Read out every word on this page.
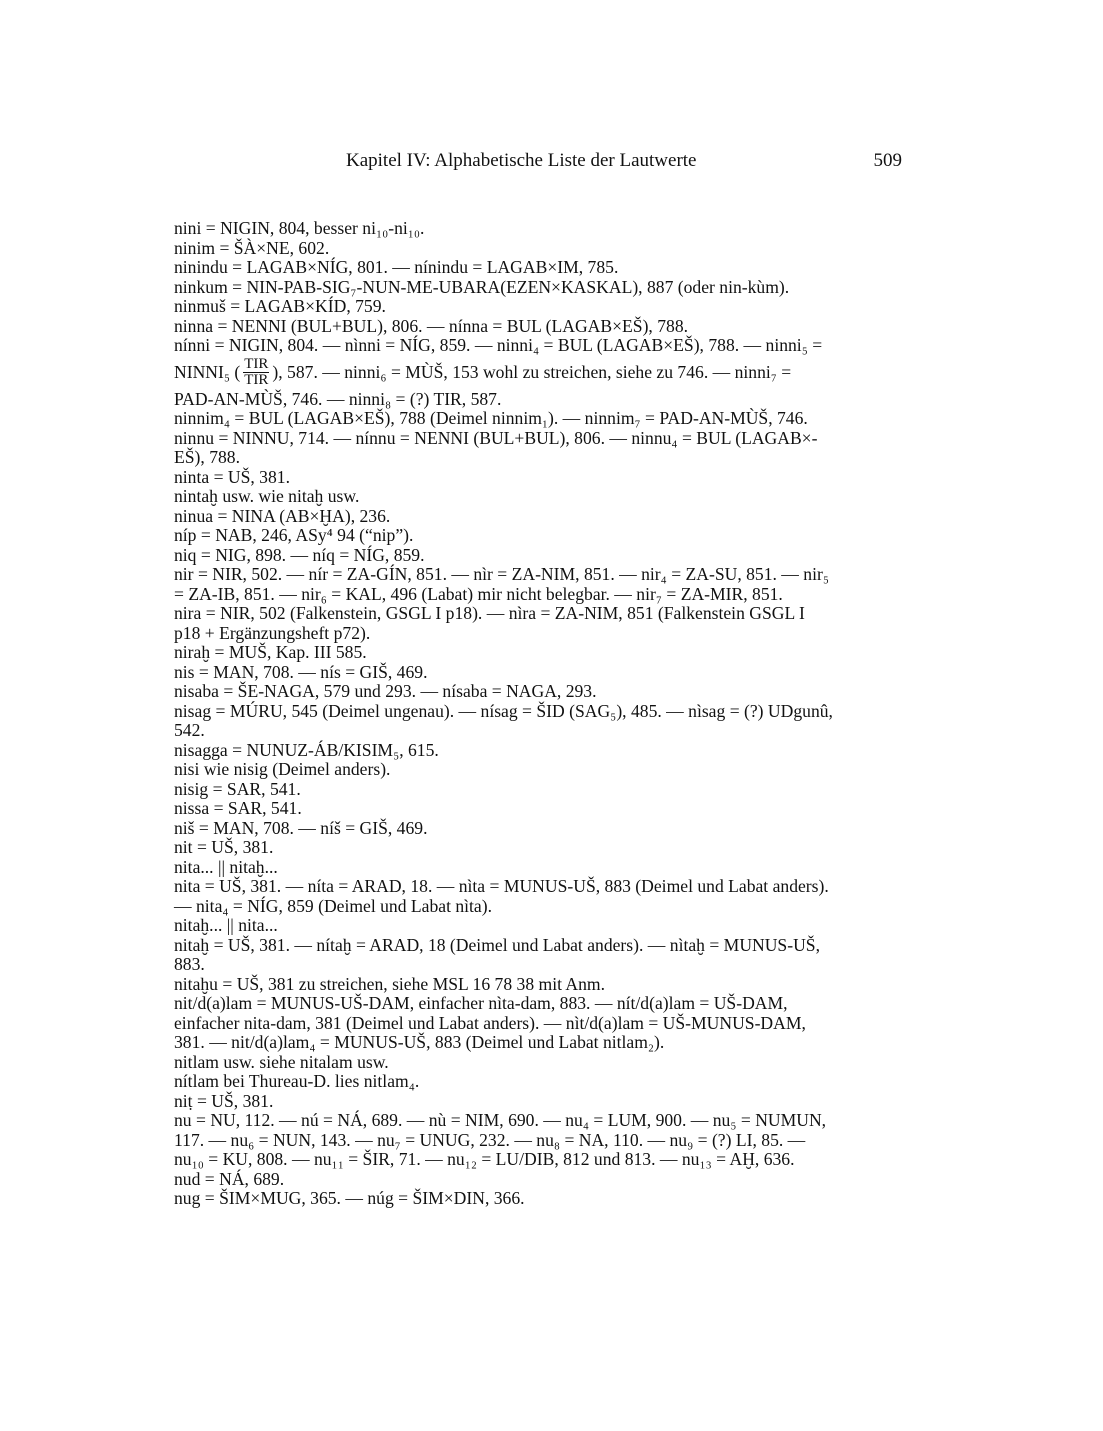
Kapitel IV: Alphabetische Liste der Lautwerte	509
nini = NIGIN, 804, besser ni₁₀-ni₁₀.
ninim = ŠÀ×NE, 602.
ninindu = LAGAB×NÍG, 801. — nínindu = LAGAB×IM, 785.
ninkum = NIN-PAB-SIG₇-NUN-ME-UBARA(EZEN×KASKAL), 887 (oder nin-kùm).
ninmuš = LAGAB×KÍD, 759.
ninna = NENNI (BUL+BUL), 806. — nínna = BUL (LAGAB×EŠ), 788.
nínni = NIGIN, 804. — nìnni = NÍG, 859. — ninni₄ = BUL (LAGAB×EŠ), 788. — ninni₅ =
NINNI₅ ( $\frac{\text{TIR}}{\text{TIR}}$ ), 587. — ninni₆ = MÙŠ, 153 wohl zu streichen, siehe zu 746. — ninni₇ =
PAD-AN-MÙŠ, 746. — ninni₈ = (?) TIR, 587.
ninnim₄ = BUL (LAGAB×EŠ), 788 (Deimel ninnim₁). — ninnim₇ = PAD-AN-MÙŠ, 746.
ninnu = NINNU, 714. — nínnu = NENNI (BUL+BUL), 806. — ninnu₄ = BUL (LAGAB×-
EŠ), 788.
ninta = UŠ, 381.
nintaḫ usw. wie nitaḫ usw.
ninua = NINA (AB×ḪA), 236.
níp = NAB, 246, ASy⁴ 94 (“nip”).
niq = NIG, 898. — níq = NÍG, 859.
nir = NIR, 502. — nír = ZA-GÍN, 851. — nìr = ZA-NIM, 851. — nir₄ = ZA-SU, 851. — nir₅
= ZA-IB, 851. — nir₆ = KAL, 496 (Labat) mir nicht belegbar. — nir₇ = ZA-MIR, 851.
nira = NIR, 502 (Falkenstein, GSGL I p18). — nìra = ZA-NIM, 851 (Falkenstein GSGL I
p18 + Ergänzungsheft p72).
niraḫ = MUŠ, Kap. III 585.
nis = MAN, 708. — nís = GIŠ, 469.
nisaba = ŠE-NAGA, 579 und 293. — nísaba = NAGA, 293.
nisag = MÚRU, 545 (Deimel ungenau). — nísag = ŠID (SAG₅), 485. — nìsag = (?) UDgunû,
542.
nisagga = NUNUZ-ÁB/KISIM₅, 615.
nisi wie nisig (Deimel anders).
nisig = SAR, 541.
nissa = SAR, 541.
niš = MAN, 708. — níš = GIŠ, 469.
nit = UŠ, 381.
nita... || nitaḫ...
nita = UŠ, 381. — níta = ARAD, 18. — nìta = MUNUS-UŠ, 883 (Deimel und Labat anders).
— nita₄ = NÍG, 859 (Deimel und Labat nìta).
nitaḫ... || nita...
nitaḫ = UŠ, 381. — nítaḫ = ARAD, 18 (Deimel und Labat anders). — nìtaḫ = MUNUS-UŠ,
883.
nitaḫu = UŠ, 381 zu streichen, siehe MSL 16 78 38 mit Anm.
nit/d(a)lam = MUNUS-UŠ-DAM, einfacher nìta-dam, 883. — nít/d(a)lam = UŠ-DAM,
einfacher nita-dam, 381 (Deimel und Labat anders). — nìt/d(a)lam = UŠ-MUNUS-DAM,
381. — nit/d(a)lam₄ = MUNUS-UŠ, 883 (Deimel und Labat nitlam₂).
nitlam usw. siehe nitalam usw.
nítlam bei Thureau-D. lies nitlam₄.
niṭ = UŠ, 381.
nu = NU, 112. — nú = NÁ, 689. — nù = NIM, 690. — nu₄ = LUM, 900. — nu₅ = NUMUN,
117. — nu₆ = NUN, 143. — nu₇ = UNUG, 232. — nu₈ = NA, 110. — nu₉ = (?) LI, 85. —
nu₁₀ = KU, 808. — nu₁₁ = ŠIR, 71. — nu₁₂ = LU/DIB, 812 und 813. — nu₁₃ = AḪ, 636.
nud = NÁ, 689.
nug = ŠIM×MUG, 365. — núg = ŠIM×DIN, 366.
